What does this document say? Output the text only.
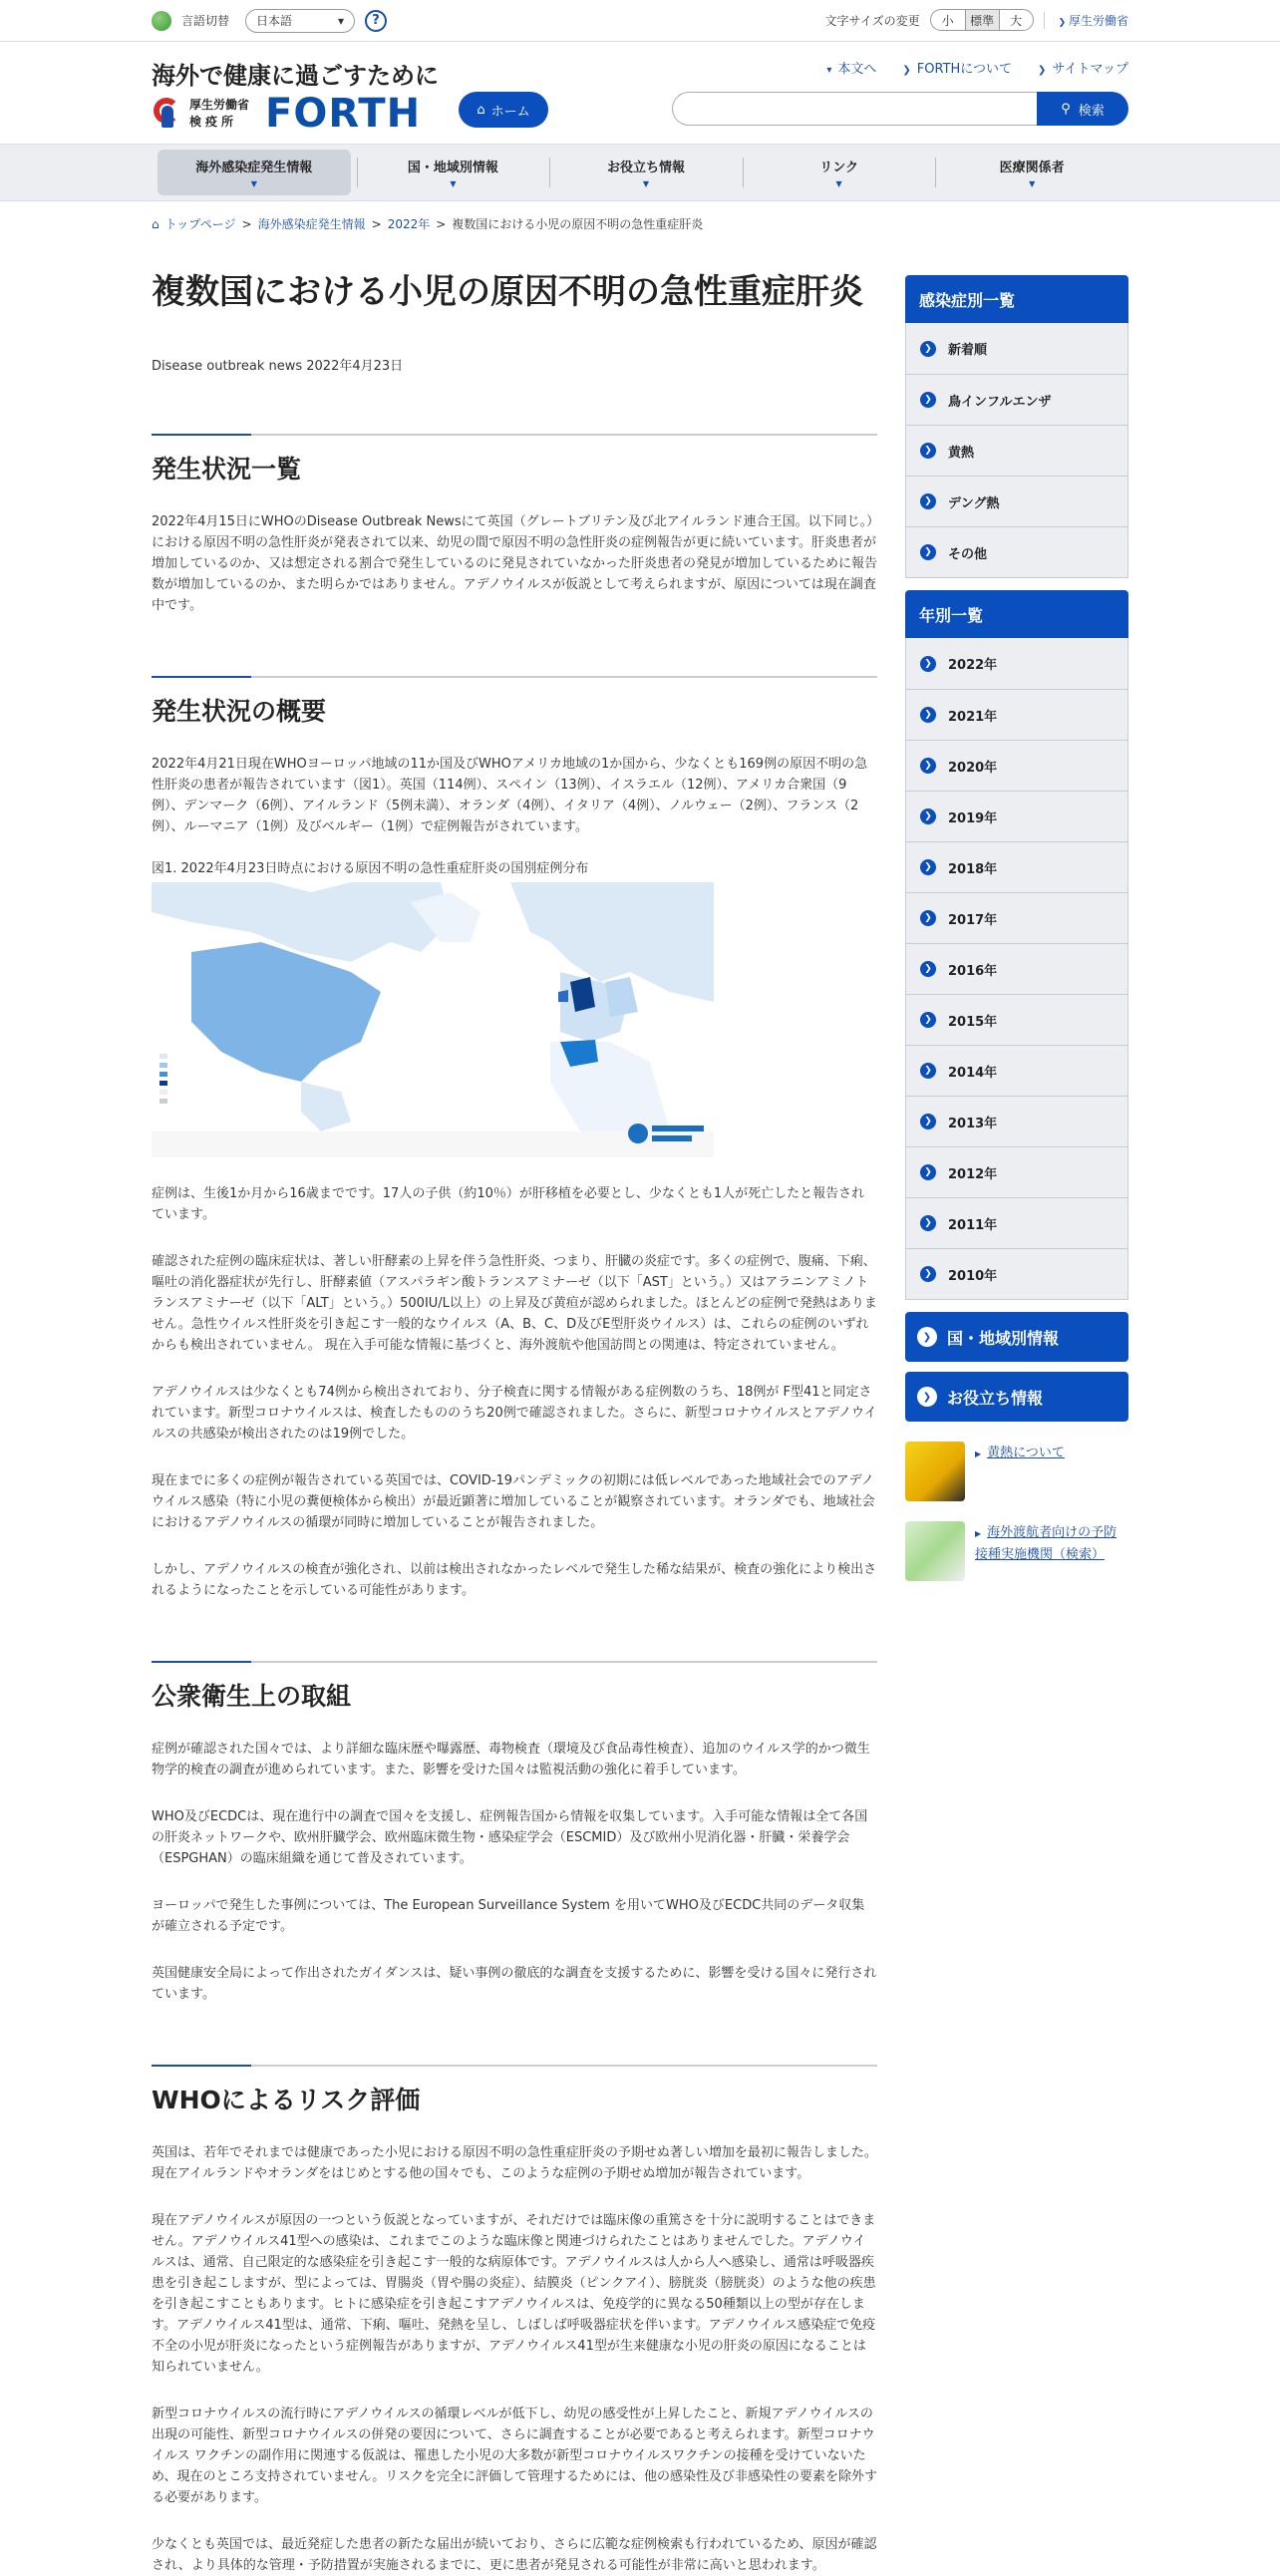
言語切替 日本語	▾	?	文字サイズの変更	小	標準	大	❯ 厚生労働省
海外で健康に過ごすために
厚生労働省
検疫所 FORTH	⌂ ホーム
▾ 本文へ	❯ FORTHについて	❯ サイトマップ
⚲ 検索
海外感染症発生情報
▼
国・地域別情報
▼
お役立ち情報
▼
リンク
▼
医療関係者
▼
⌂ トップページ > 海外感染症発生情報 > 2022年 > 複数国における小児の原因不明の急性重症肝炎
複数国における小児の原因不明の急性重症肝炎
Disease outbreak news 2022年4月23日
発生状況一覧

2022年4月15日にWHOのDisease Outbreak Newsにて英国（グレートブリテン及び北アイルランド連合王国。以下同じ。）における原因不明の急性肝炎が発表されて以来、幼児の間で原因不明の急性肝炎の症例報告が更に続いています。肝炎患者が増加しているのか、又は想定される割合で発生しているのに発見されていなかった肝炎患者の発見が増加しているために報告数が増加しているのか、また明らかではありません。アデノウイルスが仮説として考えられますが、原因については現在調査中です。

発生状況の概要

2022年4月21日現在WHOヨーロッパ地域の11か国及びWHOアメリカ地域の1か国から、少なくとも169例の原因不明の急性肝炎の患者が報告されています（図1）。英国（114例）、スペイン（13例）、イスラエル（12例）、アメリカ合衆国（9例）、デンマーク（6例）、アイルランド（5例未満）、オランダ（4例）、イタリア（4例）、ノルウェー（2例）、フランス（2例）、ルーマニア（1例）及びベルギー（1例）で症例報告がされています。

図1. 2022年4月23日時点における原因不明の急性重症肝炎の国別症例分布

症例は、生後1か月から16歳までです。17人の子供（約10％）が肝移植を必要とし、少なくとも1人が死亡したと報告されています。

確認された症例の臨床症状は、著しい肝酵素の上昇を伴う急性肝炎、つまり、肝臓の炎症です。多くの症例で、腹痛、下痢、嘔吐の消化器症状が先行し、肝酵素値（アスパラギン酸トランスアミナーゼ（以下「AST」という。）又はアラニンアミノトランスアミナーゼ（以下「ALT」という。）500IU/L以上）の上昇及び黄疸が認められました。ほとんどの症例で発熱はありません。急性ウイルス性肝炎を引き起こす一般的なウイルス（A、B、C、D及びE型肝炎ウイルス）は、これらの症例のいずれからも検出されていません。 現在入手可能な情報に基づくと、海外渡航や他国訪問との関連は、特定されていません。

アデノウイルスは少なくとも74例から検出されており、分子検査に関する情報がある症例数のうち、18例が F型41と同定されています。新型コロナウイルスは、検査したもののうち20例で確認されました。さらに、新型コロナウイルスとアデノウイルスの共感染が検出されたのは19例でした。

現在までに多くの症例が報告されている英国では、COVID-19パンデミックの初期には低レベルであった地域社会でのアデノウイルス感染（特に小児の糞便検体から検出）が最近顕著に増加していることが観察されています。オランダでも、地域社会におけるアデノウイルスの循環が同時に増加していることが報告されました。

しかし、アデノウイルスの検査が強化され、以前は検出されなかったレベルで発生した稀な結果が、検査の強化により検出されるようになったことを示している可能性があります。

公衆衛生上の取組

症例が確認された国々では、より詳細な臨床歴や曝露歴、毒物検査（環境及び食品毒性検査）、追加のウイルス学的かつ微生物学的検査の調査が進められています。また、影響を受けた国々は監視活動の強化に着手しています。

WHO及びECDCは、現在進行中の調査で国々を支援し、症例報告国から情報を収集しています。入手可能な情報は全て各国の肝炎ネットワークや、欧州肝臓学会、欧州臨床微生物・感染症学会（ESCMID）及び欧州小児消化器・肝臓・栄養学会（ESPGHAN）の臨床組織を通じて普及されています。

ヨーロッパで発生した事例については、The European Surveillance System を用いてWHO及びECDC共同のデータ収集が確立される予定です。

英国健康安全局によって作出されたガイダンスは、疑い事例の徹底的な調査を支援するために、影響を受ける国々に発行されています。

WHOによるリスク評価

英国は、若年でそれまでは健康であった小児における原因不明の急性重症肝炎の予期せぬ著しい増加を最初に報告しました。現在アイルランドやオランダをはじめとする他の国々でも、このような症例の予期せぬ増加が報告されています。

現在アデノウイルスが原因の一つという仮説となっていますが、それだけでは臨床像の重篤さを十分に説明することはできません。アデノウイルス41型への感染は、これまでこのような臨床像と関連づけられたことはありませんでした。アデノウイルスは、通常、自己限定的な感染症を引き起こす一般的な病原体です。アデノウイルスは人から人へ感染し、通常は呼吸器疾患を引き起こしますが、型によっては、胃腸炎（胃や腸の炎症）、結膜炎（ピンクアイ）、膀胱炎（膀胱炎）のような他の疾患を引き起こすこともあります。ヒトに感染症を引き起こすアデノウイルスは、免疫学的に異なる50種類以上の型が存在します。アデノウイルス41型は、通常、下痢、嘔吐、発熱を呈し、しばしば呼吸器症状を伴います。アデノウイルス感染症で免疫不全の小児が肝炎になったという症例報告がありますが、アデノウイルス41型が生来健康な小児の肝炎の原因になることは知られていません。

新型コロナウイルスの流行時にアデノウイルスの循環レベルが低下し、幼児の感受性が上昇したこと、新規アデノウイルスの出現の可能性、新型コロナウイルスの併発の要因について、さらに調査することが必要であると考えられます。新型コロナウイルス ワクチンの副作用に関連する仮説は、罹患した小児の大多数が新型コロナウイルスワクチンの接種を受けていないため、現在のところ支持されていません。リスクを完全に評価して管理するためには、他の感染性及び非感染性の要素を除外する必要があります。

少なくとも英国では、最近発症した患者の新たな届出が続いており、さらに広範な症例検索も行われているため、原因が確認され、より具体的な管理・予防措置が実施されるまでに、更に患者が発見される可能性が非常に高いと思われます。

感染症別一覧
❯	新着順
❯	鳥インフルエンザ
❯	黄熱
❯	デング熱
❯	その他
年別一覧
❯	2022年
❯	2021年
❯	2020年
❯	2019年
❯	2018年
❯	2017年
❯	2016年
❯	2015年
❯	2014年
❯	2013年
❯	2012年
❯	2011年
❯	2010年
❯ 国・地域別情報
❯ お役立ち情報
▶ 黄熱について
▶ 海外渡航者向けの予防接種実施機関（検索）
